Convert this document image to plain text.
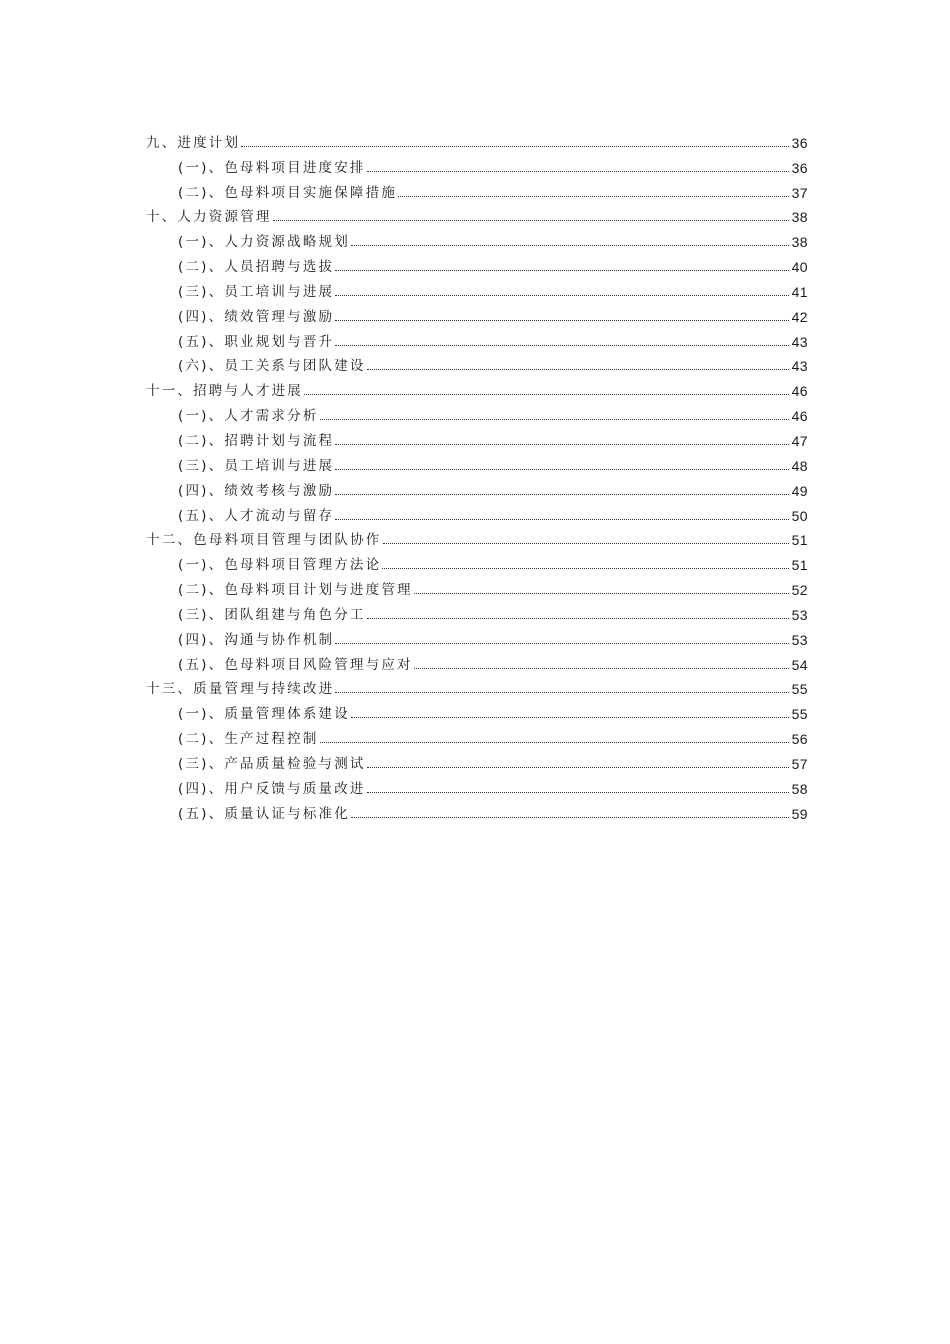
九、进度计划	36
(一)、色母料项目进度安排	36
(二)、色母料项目实施保障措施	37
十、人力资源管理	38
(一)、人力资源战略规划	38
(二)、人员招聘与选拔	40
(三)、员工培训与进展	41
(四)、绩效管理与激励	42
(五)、职业规划与晋升	43
(六)、员工关系与团队建设	43
十一、招聘与人才进展	46
(一)、人才需求分析	46
(二)、招聘计划与流程	47
(三)、员工培训与进展	48
(四)、绩效考核与激励	49
(五)、人才流动与留存	50
十二、色母料项目管理与团队协作	51
(一)、色母料项目管理方法论	51
(二)、色母料项目计划与进度管理	52
(三)、团队组建与角色分工	53
(四)、沟通与协作机制	53
(五)、色母料项目风险管理与应对	54
十三、质量管理与持续改进	55
(一)、质量管理体系建设	55
(二)、生产过程控制	56
(三)、产品质量检验与测试	57
(四)、用户反馈与质量改进	58
(五)、质量认证与标准化	59
